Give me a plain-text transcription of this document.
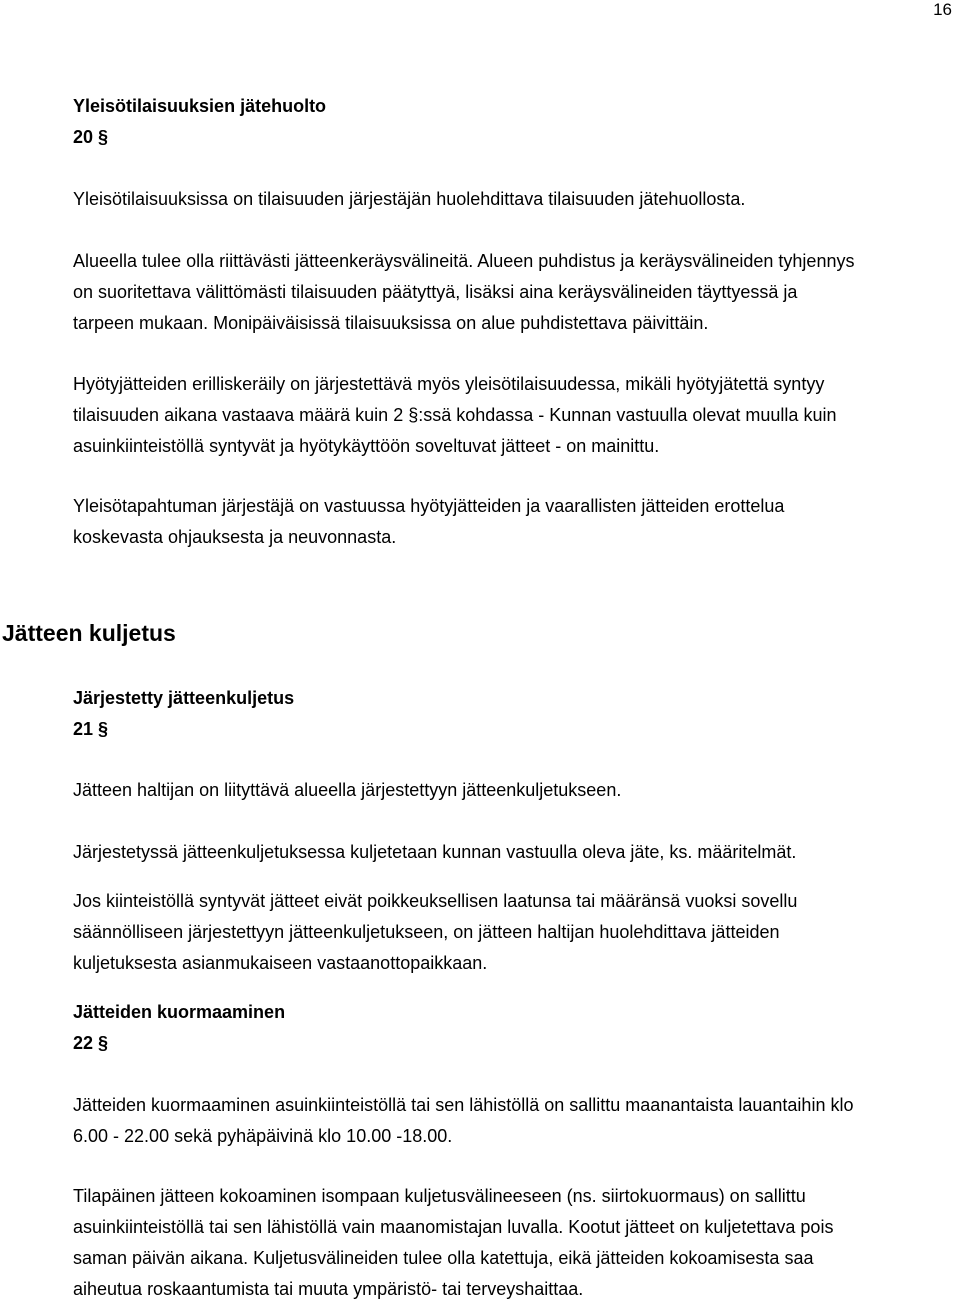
16
Yleisötilaisuuksien jätehuolto
20 §
Yleisötilaisuuksissa on tilaisuuden järjestäjän huolehdittava tilaisuuden jätehuollosta.
Alueella tulee olla riittävästi jätteenkeräysvälineitä. Alueen puhdistus ja keräysvälineiden tyhjennys
on suoritettava välittömästi tilaisuuden päätyttyä, lisäksi aina keräysvälineiden täyttyessä ja
tarpeen mukaan. Monipäiväisissä tilaisuuksissa on alue puhdistettava päivittäin.
Hyötyjätteiden erilliskeräily on järjestettävä myös yleisötilaisuudessa, mikäli hyötyjätettä syntyy
tilaisuuden aikana vastaava määrä kuin 2 §:ssä kohdassa - Kunnan vastuulla olevat muulla kuin
asuinkiinteistöllä syntyvät ja hyötykäyttöön soveltuvat jätteet - on mainittu.
Yleisötapahtuman järjestäjä on vastuussa hyötyjätteiden ja vaarallisten jätteiden erottelua
koskevasta ohjauksesta ja neuvonnasta.
Jätteen kuljetus
Järjestetty jätteenkuljetus
21 §
Jätteen haltijan on liityttävä alueella järjestettyyn jätteenkuljetukseen.
Järjestetyssä jätteenkuljetuksessa kuljetetaan kunnan vastuulla oleva jäte, ks. määritelmät.
Jos kiinteistöllä syntyvät jätteet eivät poikkeuksellisen laatunsa tai määränsä vuoksi sovellu
säännölliseen järjestettyyn jätteenkuljetukseen, on jätteen haltijan huolehdittava jätteiden
kuljetuksesta asianmukaiseen vastaanottopaikkaan.
Jätteiden kuormaaminen
22 §
Jätteiden kuormaaminen asuinkiinteistöllä tai sen lähistöllä on sallittu maanantaista lauantaihin klo
6.00 - 22.00 sekä pyhäpäivinä klo 10.00 -18.00.
Tilapäinen jätteen kokoaminen isompaan kuljetusvälineeseen (ns. siirtokuormaus) on sallittu
asuinkiinteistöllä tai sen lähistöllä vain maanomistajan luvalla. Kootut jätteet on kuljetettava pois
saman päivän aikana. Kuljetusvälineiden tulee olla katettuja, eikä jätteiden kokoamisesta saa
aiheutua roskaantumista tai muuta ympäristö- tai terveyshaittaa.
